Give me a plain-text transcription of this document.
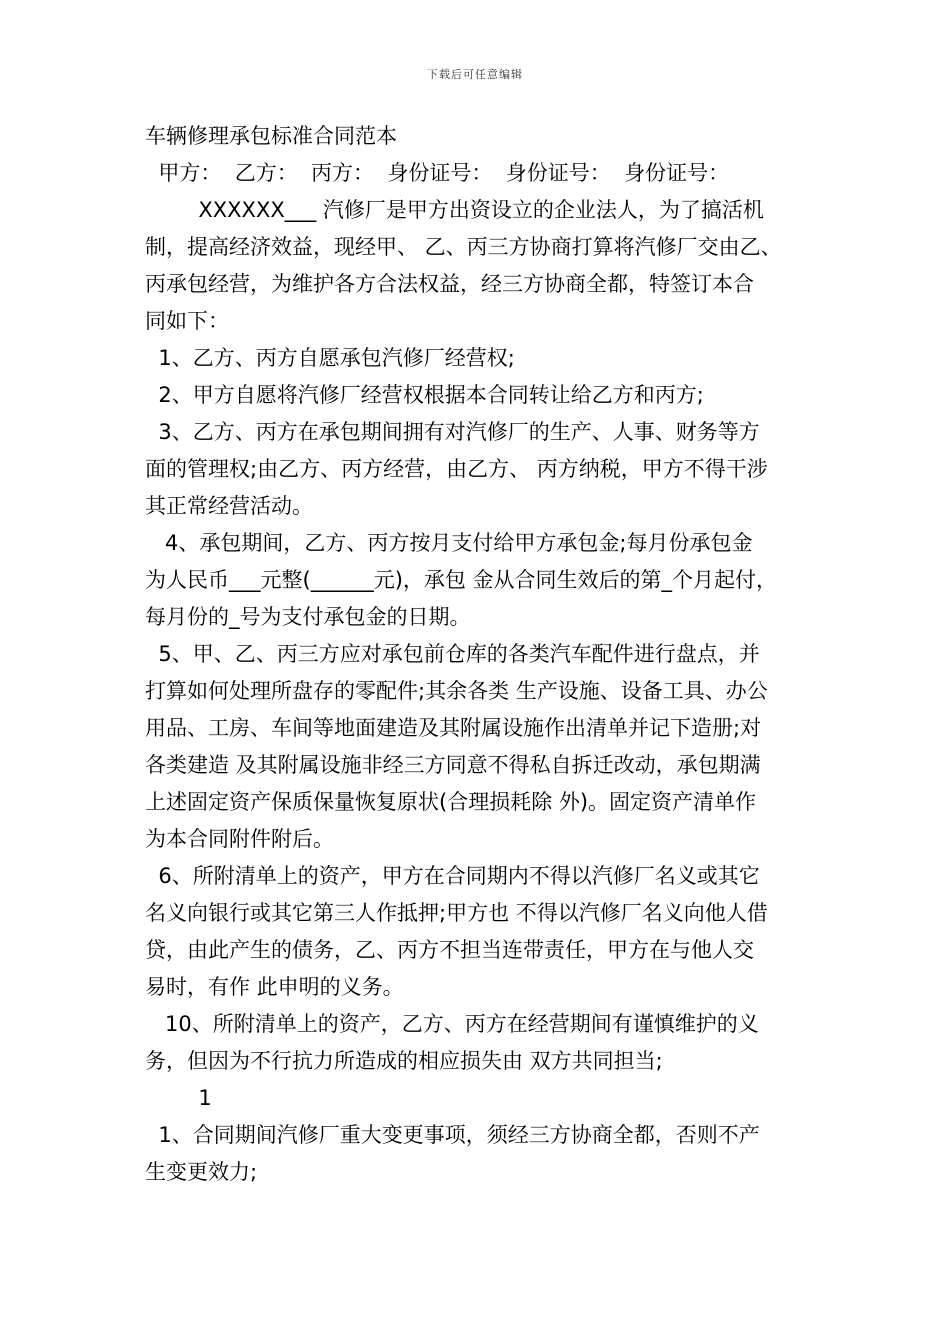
下载后可任意编辑
车辆修理承包标准合同范本
甲方：  乙方：  丙方：  身份证号：  身份证号：  身份证号：
XXXXXX___ 汽修厂是甲方出资设立的企业法人，为了搞活机
制，提高经济效益，现经甲、 乙、丙三方协商打算将汽修厂交由乙、
丙承包经营，为维护各方合法权益，经三方协商全都，特签订本合
同如下：
1、乙方、丙方自愿承包汽修厂经营权;
2、甲方自愿将汽修厂经营权根据本合同转让给乙方和丙方;
3、乙方、丙方在承包期间拥有对汽修厂的生产、人事、财务等方
面的管理权;由乙方、丙方经营，由乙方、 丙方纳税，甲方不得干涉
其正常经营活动。
4、承包期间，乙方、丙方按月支付给甲方承包金;每月份承包金
为人民币___元整(______元)，承包 金从合同生效后的第_个月起付，
每月份的_号为支付承包金的日期。
5、甲、乙、丙三方应对承包前仓库的各类汽车配件进行盘点，并
打算如何处理所盘存的零配件;其余各类 生产设施、设备工具、办公
用品、工房、车间等地面建造及其附属设施作出清单并记下造册;对
各类建造 及其附属设施非经三方同意不得私自拆迁改动，承包期满
上述固定资产保质保量恢复原状(合理损耗除 外)。固定资产清单作
为本合同附件附后。
6、所附清单上的资产，甲方在合同期内不得以汽修厂名义或其它
名义向银行或其它第三人作抵押;甲方也 不得以汽修厂名义向他人借
贷，由此产生的债务，乙、丙方不担当连带责任，甲方在与他人交
易时，有作 此申明的义务。
10、所附清单上的资产，乙方、丙方在经营期间有谨慎维护的义
务，但因为不行抗力所造成的相应损失由 双方共同担当;
1
1、合同期间汽修厂重大变更事项，须经三方协商全都，否则不产
生变更效力;
